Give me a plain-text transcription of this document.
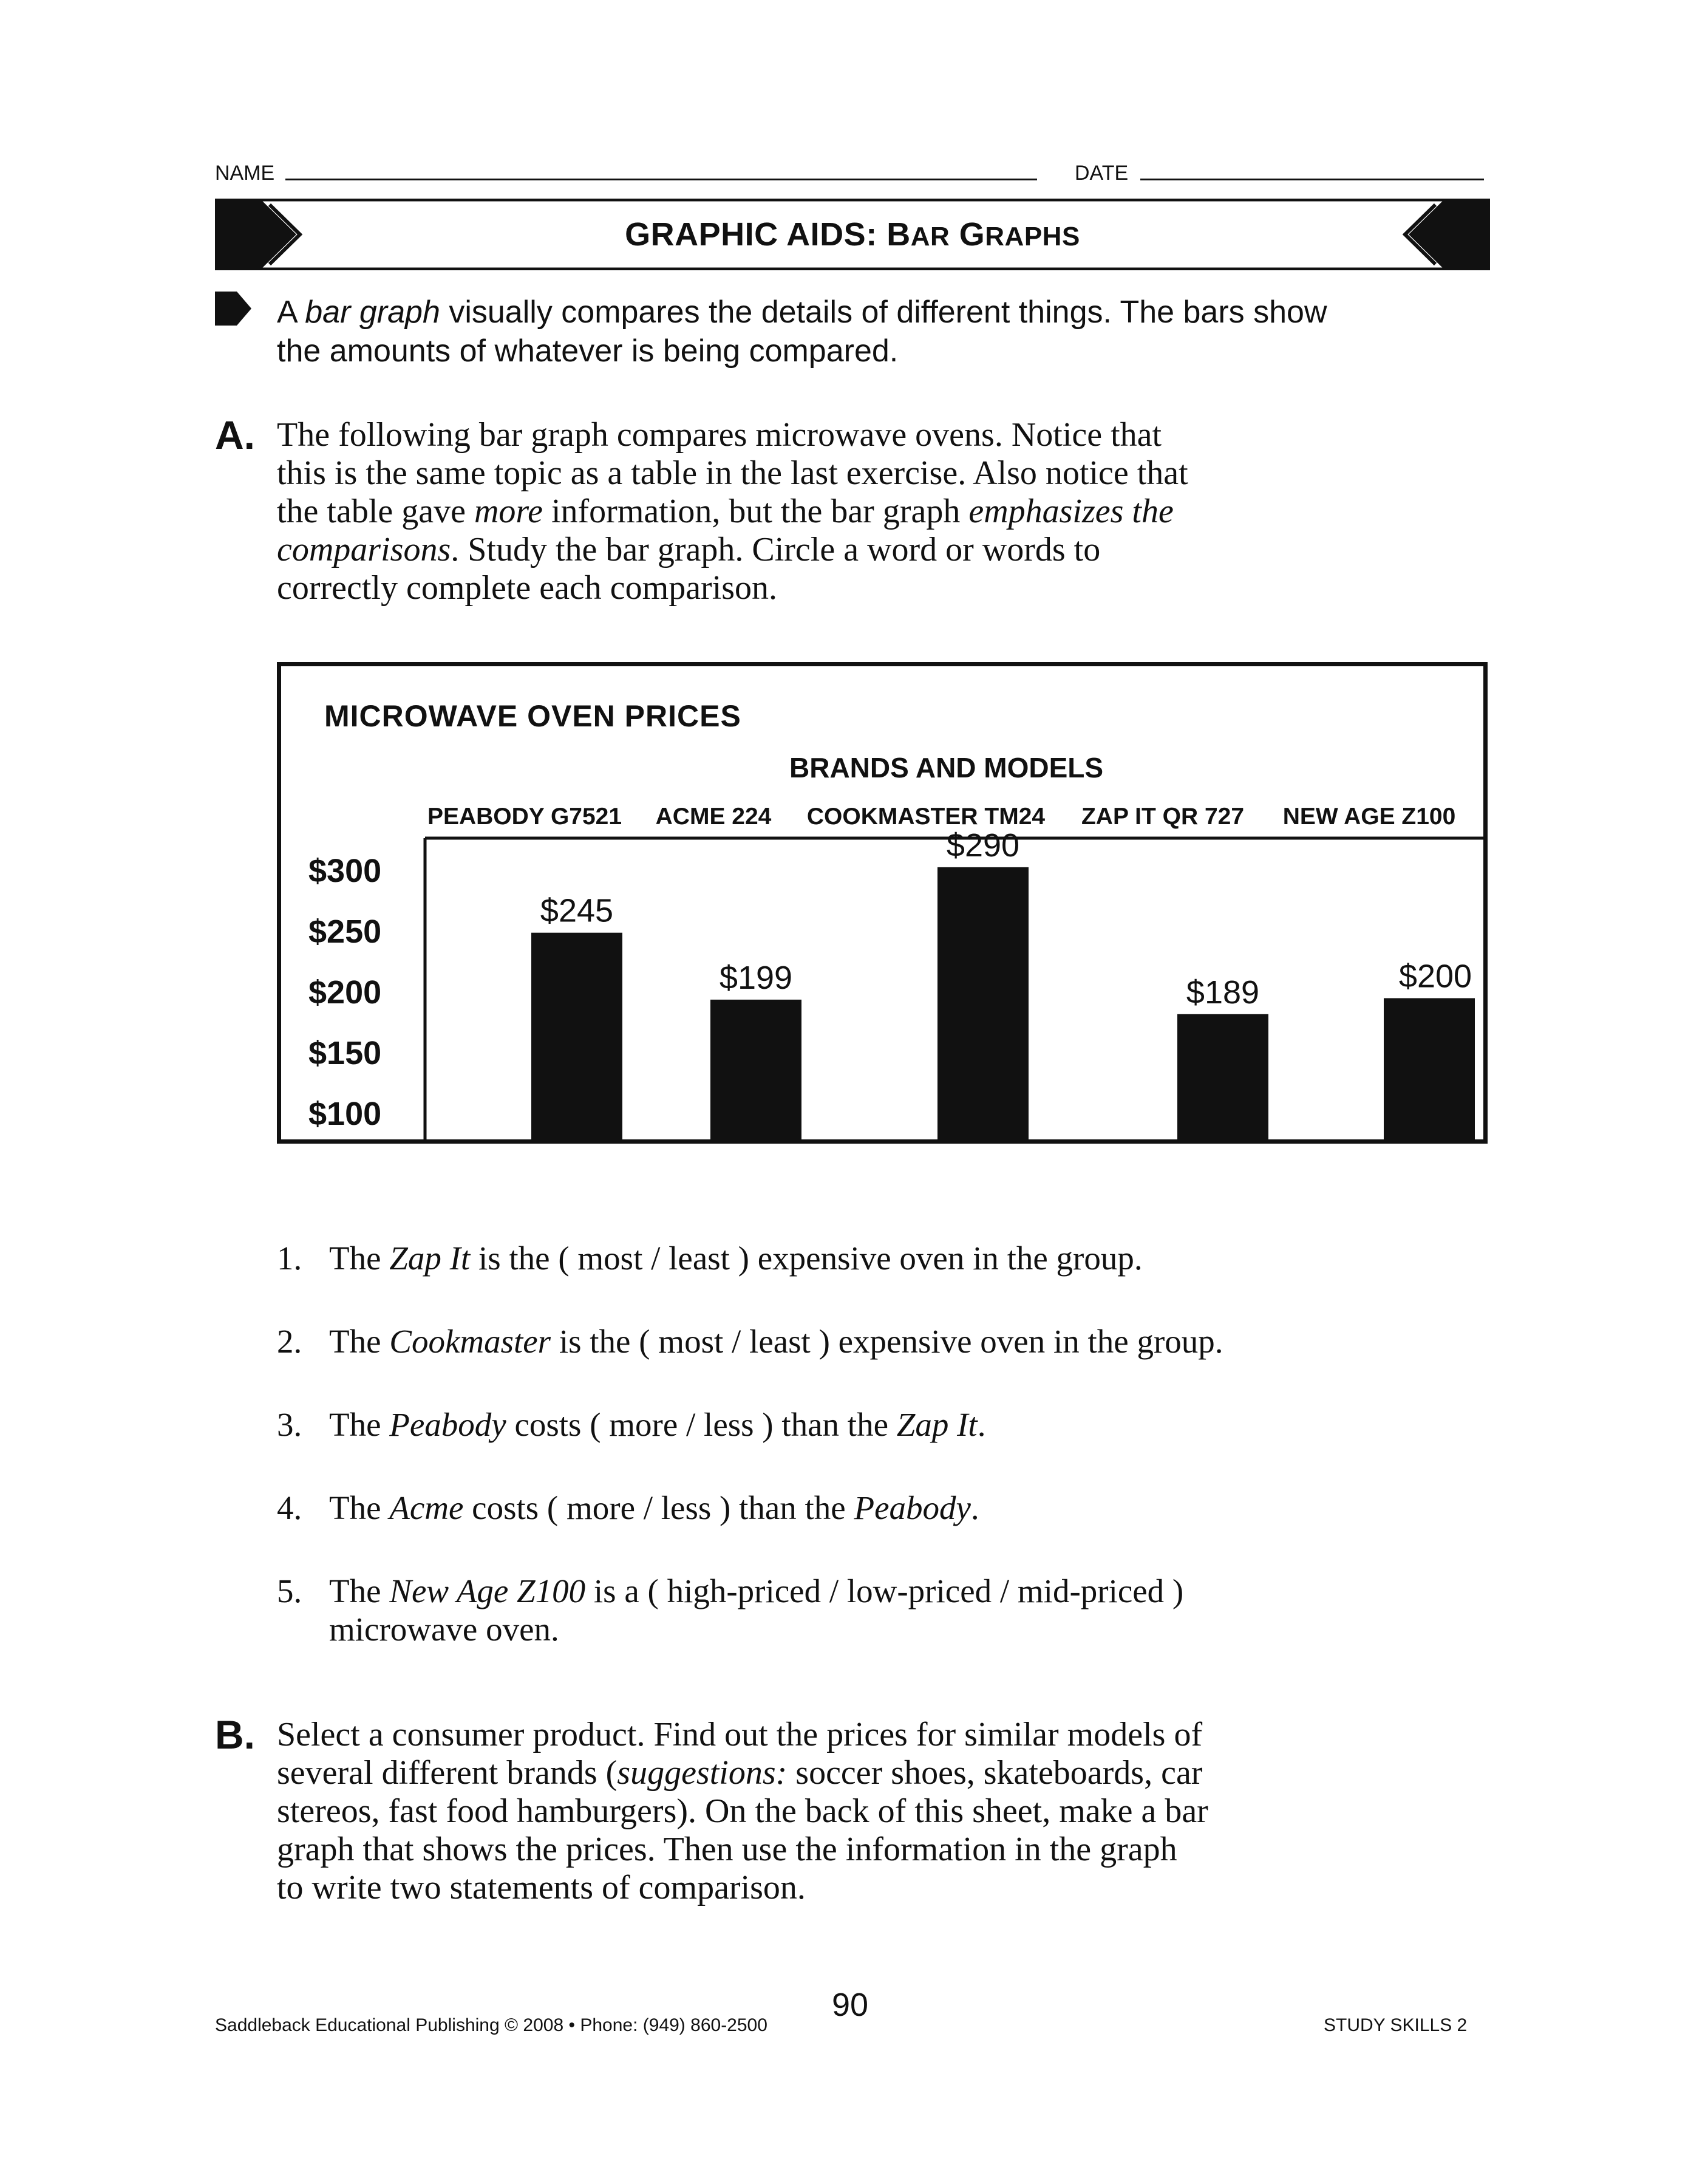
NAME	DATE
GRAPHIC AIDS: BAR GRAPHS
A bar graph visually compares the details of different things. The bars show
the amounts of whatever is being compared.
A. The following bar graph compares microwave ovens. Notice that
this is the same topic as a table in the last exercise. Also notice that
the table gave more information, but the bar graph emphasizes the
comparisons. Study the bar graph. Circle a word or words to
correctly complete each comparison.
MICROWAVE OVEN PRICES
BRANDS AND MODELS
PEABODY G7521 ACME 224 COOKMASTER TM24 ZAP IT QR 727 NEW AGE Z100
$300
$250
$200
$150
$100
$245
$199
$290
$189	$200
1. The Zap It is the ( most / least ) expensive oven in the group.
2. The Cookmaster is the ( most / least ) expensive oven in the group.
3. The Peabody costs ( more / less ) than the Zap It.
4. The Acme costs ( more / less ) than the Peabody.
5. The New Age Z100 is a ( high-priced / low-priced / mid-priced )
microwave oven.
B. Select a consumer product. Find out the prices for similar models of
several different brands (suggestions: soccer shoes, skateboards, car
stereos, fast food hamburgers). On the back of this sheet, make a bar
graph that shows the prices. Then use the information in the graph
to write two statements of comparison.
Saddleback Educational Publishing © 2008 • Phone: (949) 860-2500
90
STUDY SKILLS 2
